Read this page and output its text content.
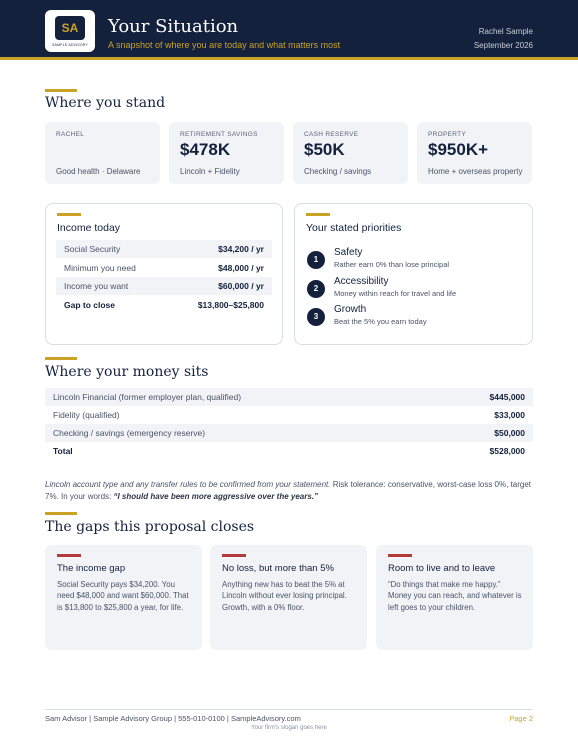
SA
SAMPLE ADVISORY
Your Situation
A snapshot of where you are today and what matters most
Rachel Sample
September 2026
Where you stand
RACHEL
Good health · Delaware
RETIREMENT SAVINGS
$478K
Lincoln + Fidelity
CASH RESERVE
$50K
Checking / savings
PROPERTY
$950K+
Home + overseas property
Income today
Social Security	$34,200 / yr
Minimum you need	$48,000 / yr
Income you want	$60,000 / yr
Gap to close	$13,800–$25,800
Your stated priorities
1
Safety
Rather earn 0% than lose principal
2
Accessibility
Money within reach for travel and life
3
Growth
Beat the 5% you earn today
Where your money sits
Lincoln Financial (former employer plan, qualified)	$445,000
Fidelity (qualified)	$33,000
Checking / savings (emergency reserve)	$50,000
Total	$528,000
Lincoln account type and any transfer rules to be confirmed from your statement. Risk tolerance: conservative, worst-case loss 0%, target 7%. In your words: “I should have been more aggressive over the years.”
The gaps this proposal closes
The income gap
Social Security pays $34,200. You need $48,000 and want $60,000. That is $13,800 to $25,800 a year, for life.
No loss, but more than 5%
Anything new has to beat the 5% at Lincoln without ever losing principal. Growth, with a 0% floor.
Room to live and to leave
“Do things that make me happy.” Money you can reach, and whatever is left goes to your children.
Sam Advisor | Sample Advisory Group | 555-010-0100 | SampleAdvisory.com	Page 2
Your firm's slogan goes here
